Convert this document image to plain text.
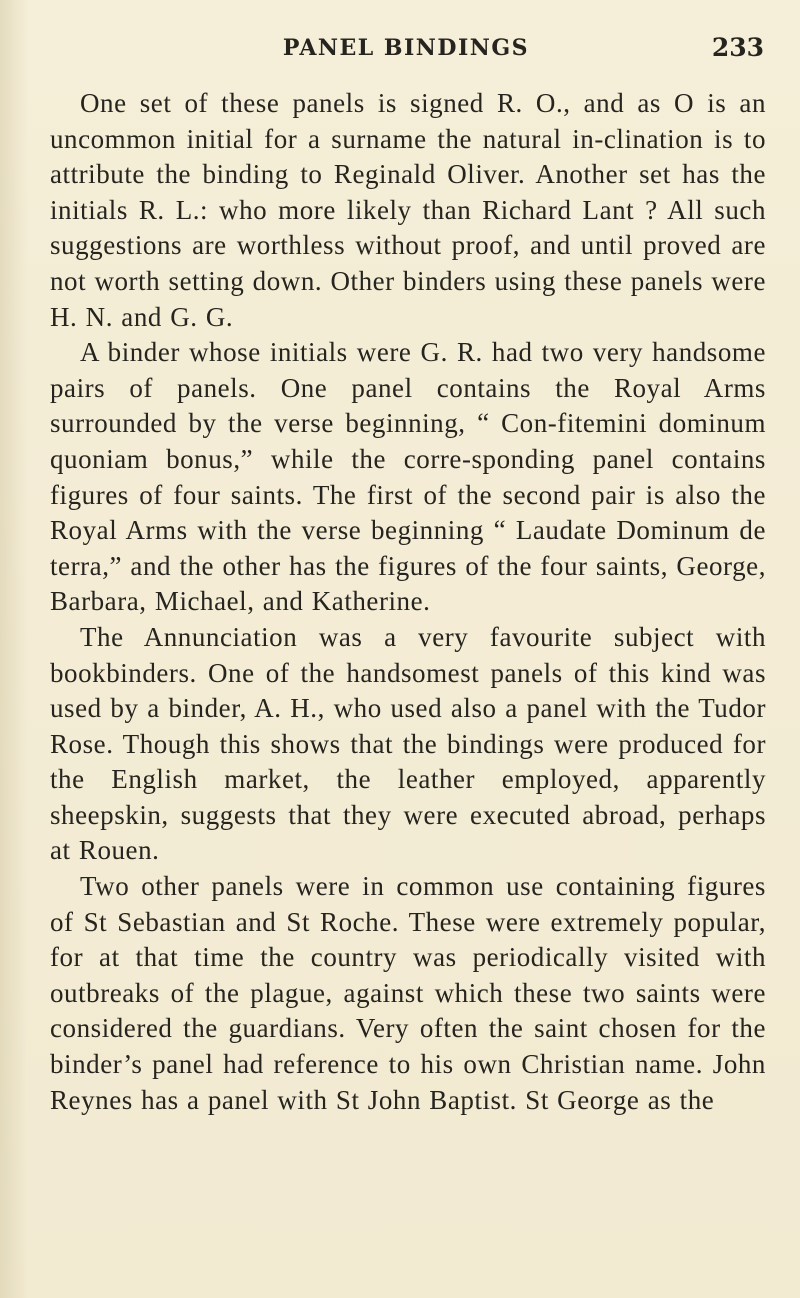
PANEL BINDINGS	233

One set of these panels is signed R. O., and as O is an uncommon initial for a surname the natural in-clination is to attribute the binding to Reginald Oliver. Another set has the initials R. L.: who more likely than Richard Lant ? All such suggestions are worthless without proof, and until proved are not worth setting down. Other binders using these panels were H. N. and G. G.

A binder whose initials were G. R. had two very handsome pairs of panels. One panel contains the Royal Arms surrounded by the verse beginning, “ Con-fitemini dominum quoniam bonus,” while the corre-sponding panel contains figures of four saints. The first of the second pair is also the Royal Arms with the verse beginning “ Laudate Dominum de terra,” and the other has the figures of the four saints, George, Barbara, Michael, and Katherine.

The Annunciation was a very favourite subject with bookbinders. One of the handsomest panels of this kind was used by a binder, A. H., who used also a panel with the Tudor Rose. Though this shows that the bindings were produced for the English market, the leather employed, apparently sheepskin, suggests that they were executed abroad, perhaps at Rouen.

Two other panels were in common use containing figures of St Sebastian and St Roche. These were extremely popular, for at that time the country was periodically visited with outbreaks of the plague, against which these two saints were considered the guardians. Very often the saint chosen for the binder’s panel had reference to his own Christian name. John Reynes has a panel with St John Baptist. St George as the
